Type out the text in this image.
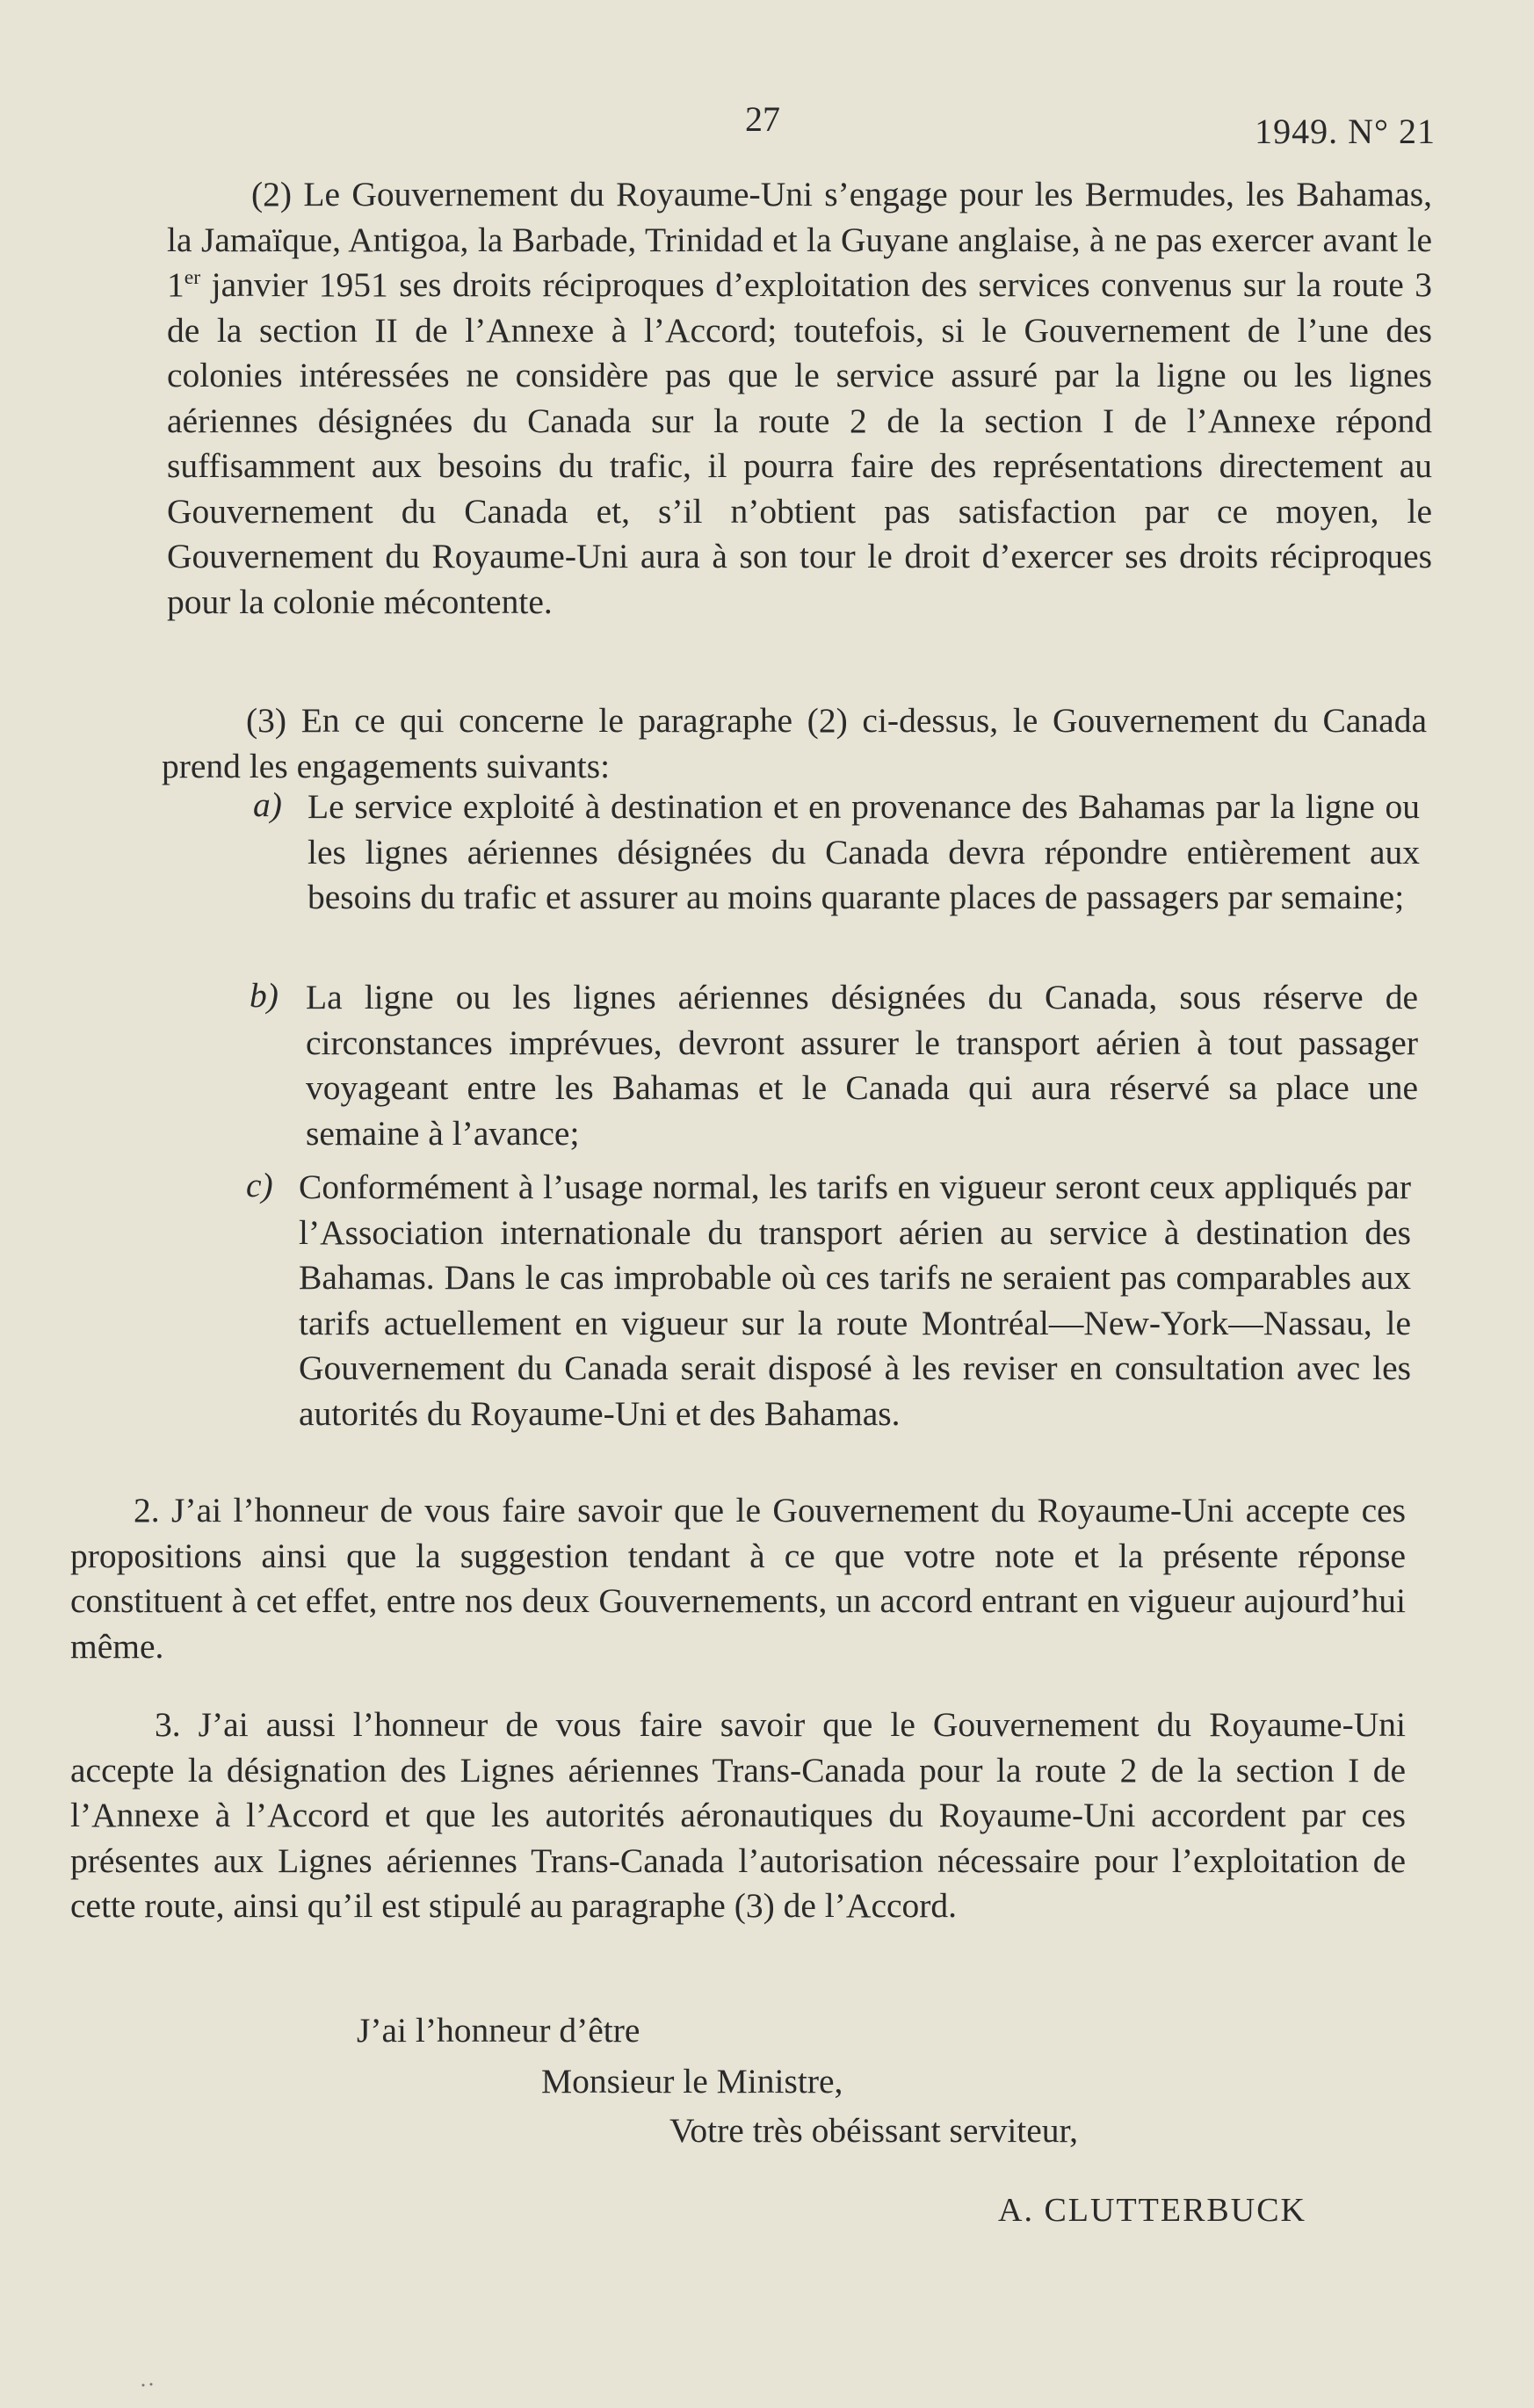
27	1949. N° 21

(2) Le Gouvernement du Royaume-Uni s’engage pour les Bermudes, les Bahamas, la Jamaïque, Antigoa, la Barbade, Trinidad et la Guyane anglaise, à ne pas exercer avant le 1er janvier 1951 ses droits réciproques d’exploitation des services convenus sur la route 3 de la section II de l’Annexe à l’Accord; toutefois, si le Gouvernement de l’une des colonies intéressées ne considère pas que le service assuré par la ligne ou les lignes aériennes désignées du Canada sur la route 2 de la section I de l’Annexe répond suffisamment aux besoins du trafic, il pourra faire des représentations directement au Gouvernement du Canada et, s’il n’obtient pas satisfaction par ce moyen, le Gouvernement du Royaume-Uni aura à son tour le droit d’exercer ses droits réciproques pour la colonie mécontente.

(3) En ce qui concerne le paragraphe (2) ci-dessus, le Gouvernement du Canada prend les engagements suivants:

a) Le service exploité à destination et en provenance des Bahamas par la ligne ou les lignes aériennes désignées du Canada devra répondre entièrement aux besoins du trafic et assurer au moins quarante places de passagers par semaine;

b) La ligne ou les lignes aériennes désignées du Canada, sous réserve de circonstances imprévues, devront assurer le transport aérien à tout passager voyageant entre les Bahamas et le Canada qui aura réservé sa place une semaine à l’avance;

c) Conformément à l’usage normal, les tarifs en vigueur seront ceux appliqués par l’Association internationale du transport aérien au service à destination des Bahamas. Dans le cas improbable où ces tarifs ne seraient pas comparables aux tarifs actuellement en vigueur sur la route Montréal—New-York—Nassau, le Gouvernement du Canada serait disposé à les reviser en consultation avec les autorités du Royaume-Uni et des Bahamas.

2. J’ai l’honneur de vous faire savoir que le Gouvernement du Royaume-Uni accepte ces propositions ainsi que la suggestion tendant à ce que votre note et la présente réponse constituent à cet effet, entre nos deux Gouvernements, un accord entrant en vigueur aujourd’hui même.

3. J’ai aussi l’honneur de vous faire savoir que le Gouvernement du Royaume-Uni accepte la désignation des Lignes aériennes Trans-Canada pour la route 2 de la section I de l’Annexe à l’Accord et que les autorités aéronautiques du Royaume-Uni accordent par ces présentes aux Lignes aériennes Trans-Canada l’autorisation nécessaire pour l’exploitation de cette route, ainsi qu’il est stipulé au paragraphe (3) de l’Accord.

J’ai l’honneur d’être
Monsieur le Ministre,
Votre très obéissant serviteur,
A. CLUTTERBUCK
